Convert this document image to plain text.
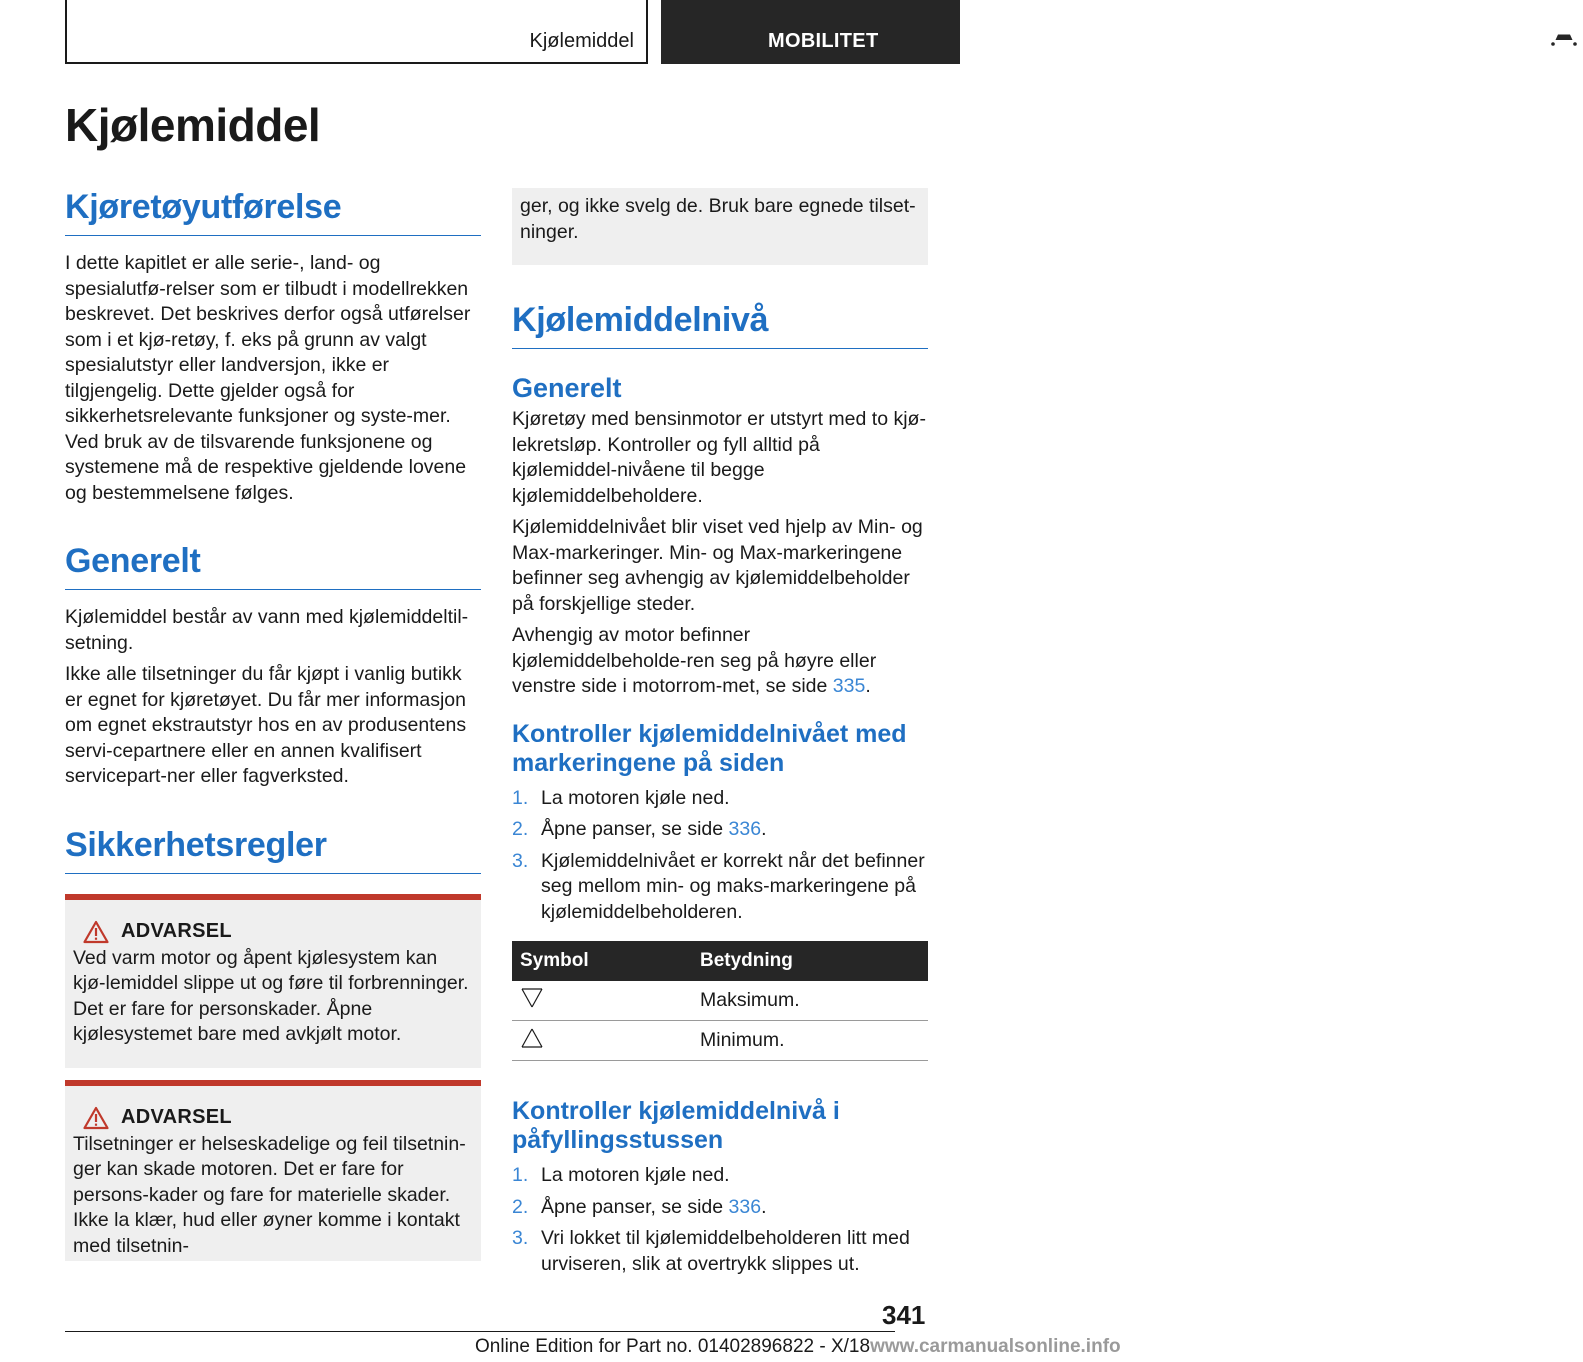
Kjølemiddel	MOBILITET
Kjølemiddel
Kjøretøyutførelse

I dette kapitlet er alle serie-, land- og spesialutfø-relser som er tilbudt i modellrekken beskrevet. Det beskrives derfor også utførelser som i et kjø-retøy, f. eks på grunn av valgt spesialutstyr eller landversjon, ikke er tilgjengelig. Dette gjelder også for sikkerhetsrelevante funksjoner og syste-mer. Ved bruk av de tilsvarende funksjonene og systemene må de respektive gjeldende lovene og bestemmelsene følges.

Generelt

Kjølemiddel består av vann med kjølemiddeltil-setning.

Ikke alle tilsetninger du får kjøpt i vanlig butikk er egnet for kjøretøyet. Du får mer informasjon om egnet ekstrautstyr hos en av produsentens servi-cepartnere eller en annen kvalifisert servicepart-ner eller fagverksted.

Sikkerhetsregler
ADVARSEL

Ved varm motor og åpent kjølesystem kan kjø-lemiddel slippe ut og føre til forbrenninger. Det er fare for personskader. Åpne kjølesystemet bare med avkjølt motor.

ADVARSEL

Tilsetninger er helseskadelige og feil tilsetnin-ger kan skade motoren. Det er fare for persons-kader og fare for materielle skader. Ikke la klær, hud eller øyner komme i kontakt med tilsetnin-

ger, og ikke svelg de. Bruk bare egnede tilset-ninger.

Kjølemiddelnivå
Generelt

Kjøretøy med bensinmotor er utstyrt med to kjø-lekretsløp. Kontroller og fyll alltid på kjølemiddel-nivåene til begge kjølemiddelbeholdere.

Kjølemiddelnivået blir viset ved hjelp av Min- og Max-markeringer. Min- og Max-markeringene befinner seg avhengig av kjølemiddelbeholder på forskjellige steder.

Avhengig av motor befinner kjølemiddelbeholde-ren seg på høyre eller venstre side i motorrom-met, se side 335.

Kontroller kjølemiddelnivået med markeringene på siden
1. La motoren kjøle ned.
2. Åpne panser, se side 336.
3. Kjølemiddelnivået er korrekt når det befinner seg mellom min- og maks-markeringene på kjølemiddelbeholderen.
Symbol	Betydning
	Maksimum.
	Minimum.
Kontroller kjølemiddelnivå i påfyllingsstussen
1. La motoren kjøle ned.
2. Åpne panser, se side 336.
3. Vri lokket til kjølemiddelbeholderen litt med urviseren, slik at overtrykk slippes ut.
341
Online Edition for Part no. 01402896822 - X/18www.carmanualsonline.info
